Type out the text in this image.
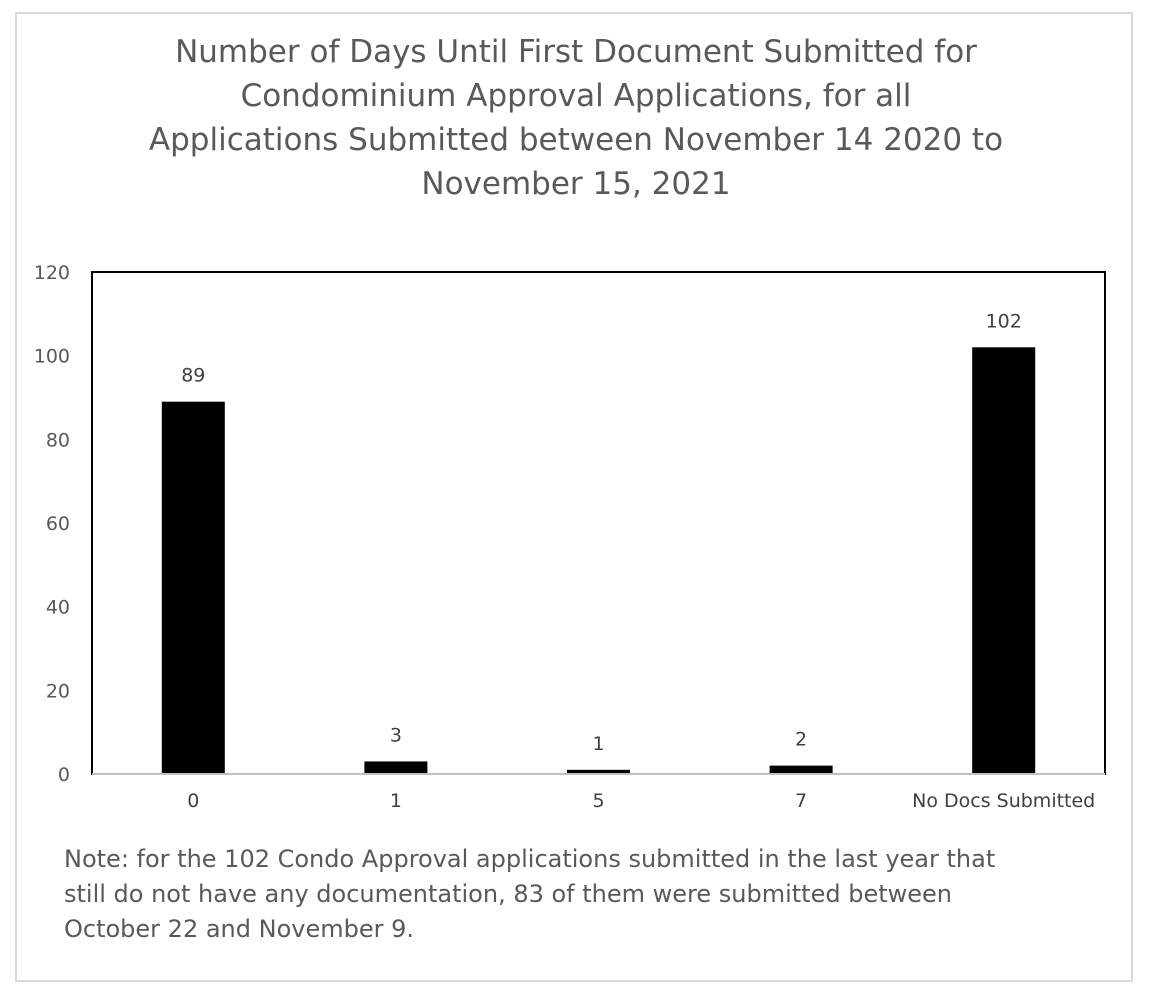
Number of Days Until First Document Submitted for
Condominium Approval Applications, for all
Applications Submitted between November 14 2020 to
November 15, 2021
0
20
40
60
80
100
120
89
3	1	2
102
0	1	5	7	No Docs Submitted
Note: for the 102 Condo Approval applications submitted in the last year that
still do not have any documentation, 83 of them were submitted between
October 22 and November 9.
